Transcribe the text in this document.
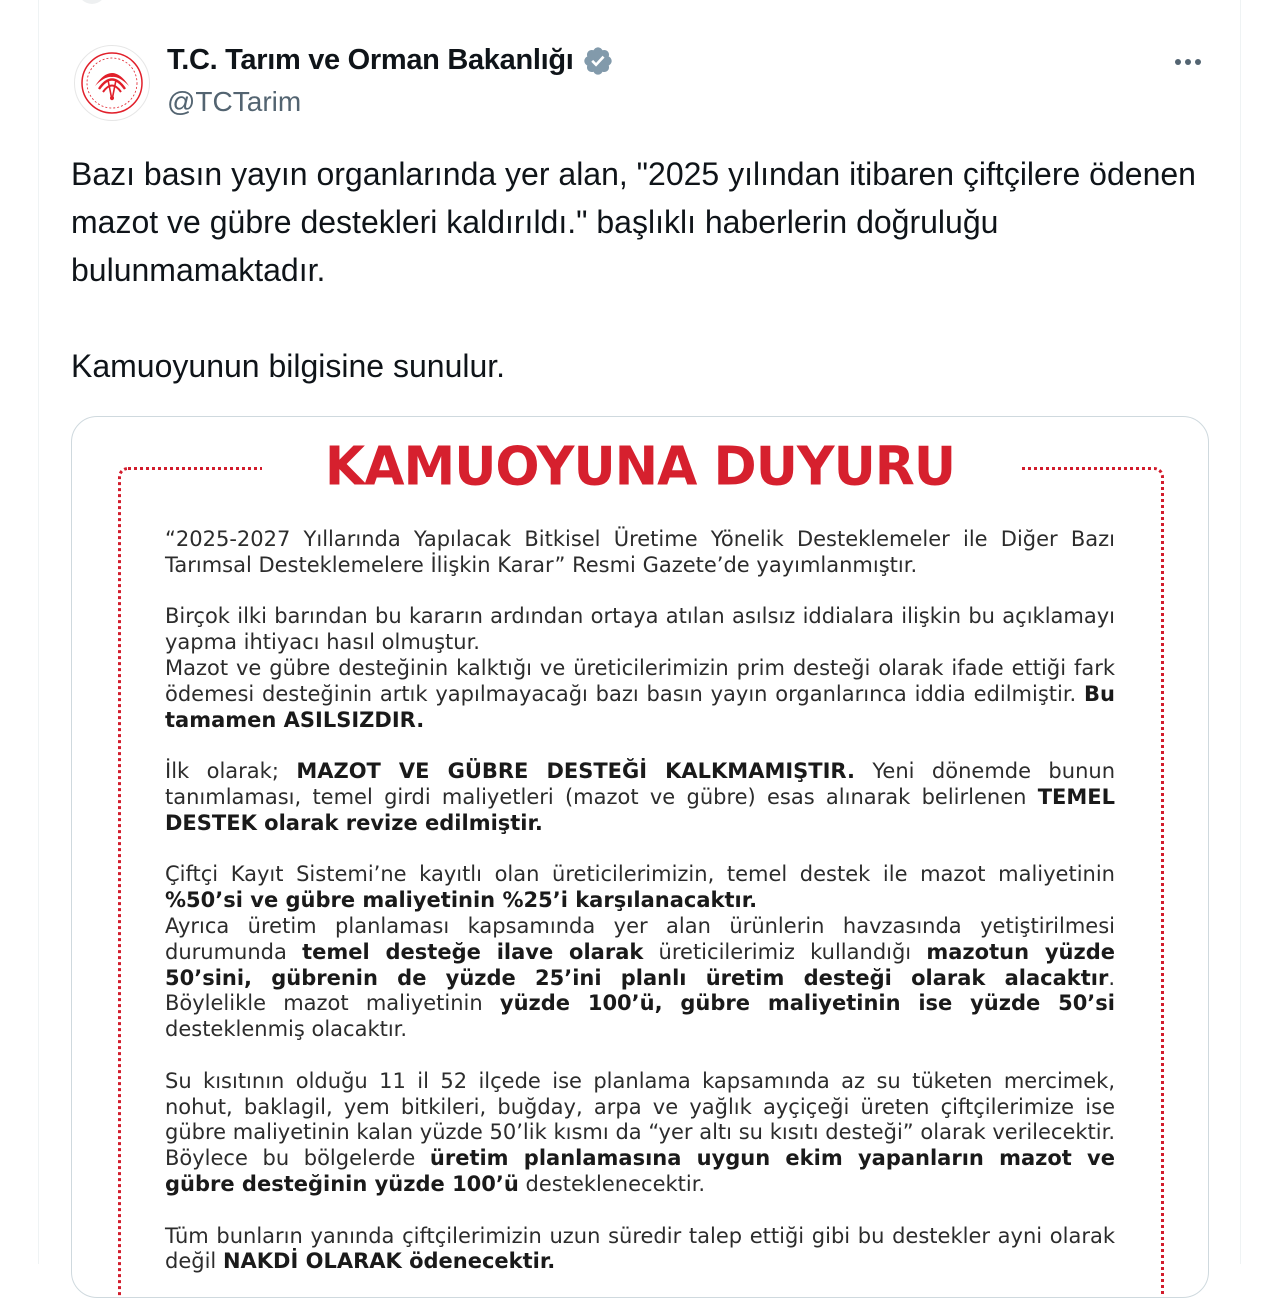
T.C. Tarım ve Orman Bakanlığı
@TCTarim

Bazı basın yayın organlarında yer alan, "2025 yılından itibaren çiftçilere ödenen mazot ve gübre destekleri kaldırıldı." başlıklı haberlerin doğruluğu bulunmamaktadır.

Kamuoyunun bilgisine sunulur.

KAMUOYUNA DUYURU

“2025-2027 Yıllarında Yapılacak Bitkisel Üretime Yönelik Desteklemeler ile Diğer Bazı Tarımsal Desteklemelere İlişkin Karar” Resmi Gazete’de yayımlanmıştır.

Birçok ilki barından bu kararın ardından ortaya atılan asılsız iddialara ilişkin bu açıklamayı yapma ihtiyacı hasıl olmuştur.

Mazot ve gübre desteğinin kalktığı ve üreticilerimizin prim desteği olarak ifade ettiği fark ödemesi desteğinin artık yapılmayacağı bazı basın yayın organlarınca iddia edilmiştir. Bu tamamen ASILSIZDIR.

İlk olarak; MAZOT VE GÜBRE DESTEĞİ KALKMAMIŞTIR. Yeni dönemde bunun tanımlaması, temel girdi maliyetleri (mazot ve gübre) esas alınarak belirlenen TEMEL DESTEK olarak revize edilmiştir.

Çiftçi Kayıt Sistemi’ne kayıtlı olan üreticilerimizin, temel destek ile mazot maliyetinin %50’si ve gübre maliyetinin %25’i karşılanacaktır.

Ayrıca üretim planlaması kapsamında yer alan ürünlerin havzasında yetiştirilmesi durumunda temel desteğe ilave olarak üreticilerimiz kullandığı mazotun yüzde 50’sini, gübrenin de yüzde 25’ini planlı üretim desteği olarak alacaktır. Böylelikle mazot maliyetinin yüzde 100’ü, gübre maliyetinin ise yüzde 50’si desteklenmiş olacaktır.

Su kısıtının olduğu 11 il 52 ilçede ise planlama kapsamında az su tüketen mercimek, nohut, baklagil, yem bitkileri, buğday, arpa ve yağlık ayçiçeği üreten çiftçilerimize ise gübre maliyetinin kalan yüzde 50’lik kısmı da “yer altı su kısıtı desteği” olarak verilecektir. Böylece bu bölgelerde üretim planlamasına uygun ekim yapanların mazot ve gübre desteğinin yüzde 100’ü desteklenecektir.

Tüm bunların yanında çiftçilerimizin uzun süredir talep ettiği gibi bu destekler ayni olarak değil NAKDİ OLARAK ödenecektir.
